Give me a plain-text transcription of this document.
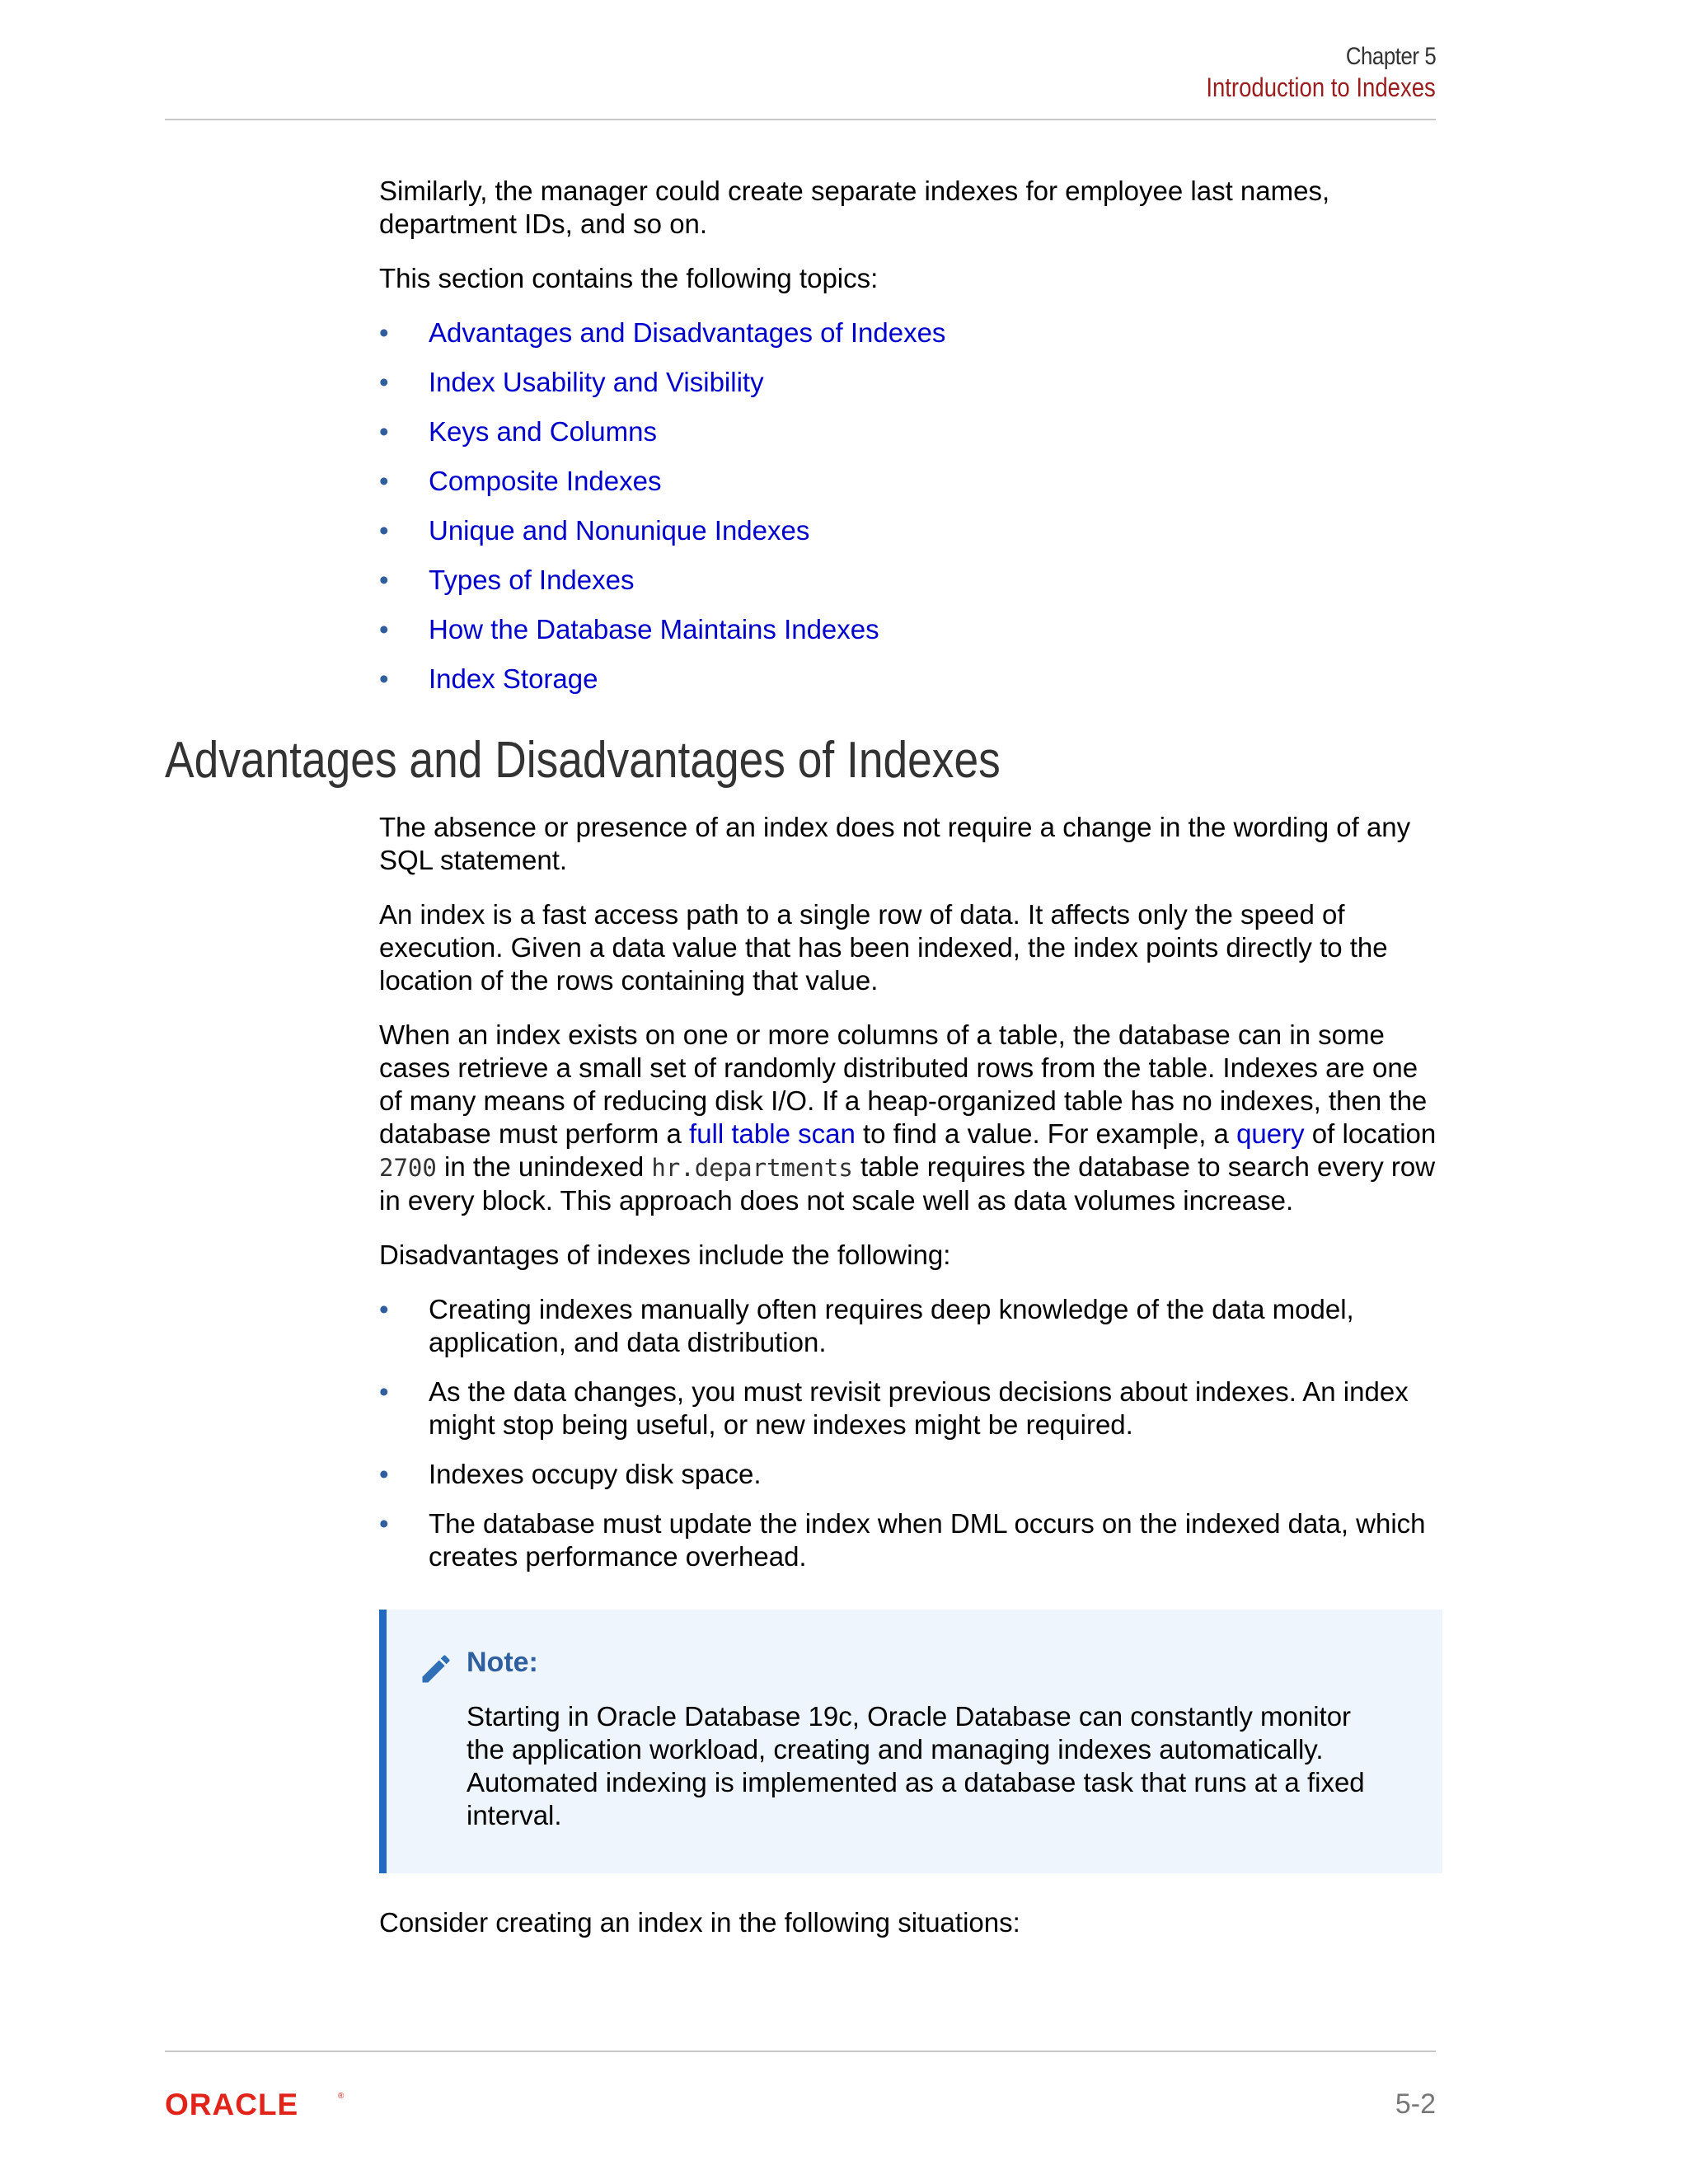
Chapter 5
Introduction to Indexes

Similarly, the manager could create separate indexes for employee last names, department IDs, and so on.

This section contains the following topics:

• Advantages and Disadvantages of Indexes
• Index Usability and Visibility
• Keys and Columns
• Composite Indexes
• Unique and Nonunique Indexes
• Types of Indexes
• How the Database Maintains Indexes
• Index Storage
Advantages and Disadvantages of Indexes

The absence or presence of an index does not require a change in the wording of any SQL statement.

An index is a fast access path to a single row of data. It affects only the speed of execution. Given a data value that has been indexed, the index points directly to the location of the rows containing that value.

When an index exists on one or more columns of a table, the database can in some cases retrieve a small set of randomly distributed rows from the table. Indexes are one of many means of reducing disk I/O. If a heap-organized table has no indexes, then the database must perform a full table scan to find a value. For example, a query of location 2700 in the unindexed hr.departments table requires the database to search every row in every block. This approach does not scale well as data volumes increase.

Disadvantages of indexes include the following:

• Creating indexes manually often requires deep knowledge of the data model, application, and data distribution.
• As the data changes, you must revisit previous decisions about indexes. An index might stop being useful, or new indexes might be required.
• Indexes occupy disk space.
• The database must update the index when DML occurs on the indexed data, which creates performance overhead.
Note:

Starting in Oracle Database 19c, Oracle Database can constantly monitor the application workload, creating and managing indexes automatically. Automated indexing is implemented as a database task that runs at a fixed interval.

Consider creating an index in the following situations:

ORACLE	®	5-2
